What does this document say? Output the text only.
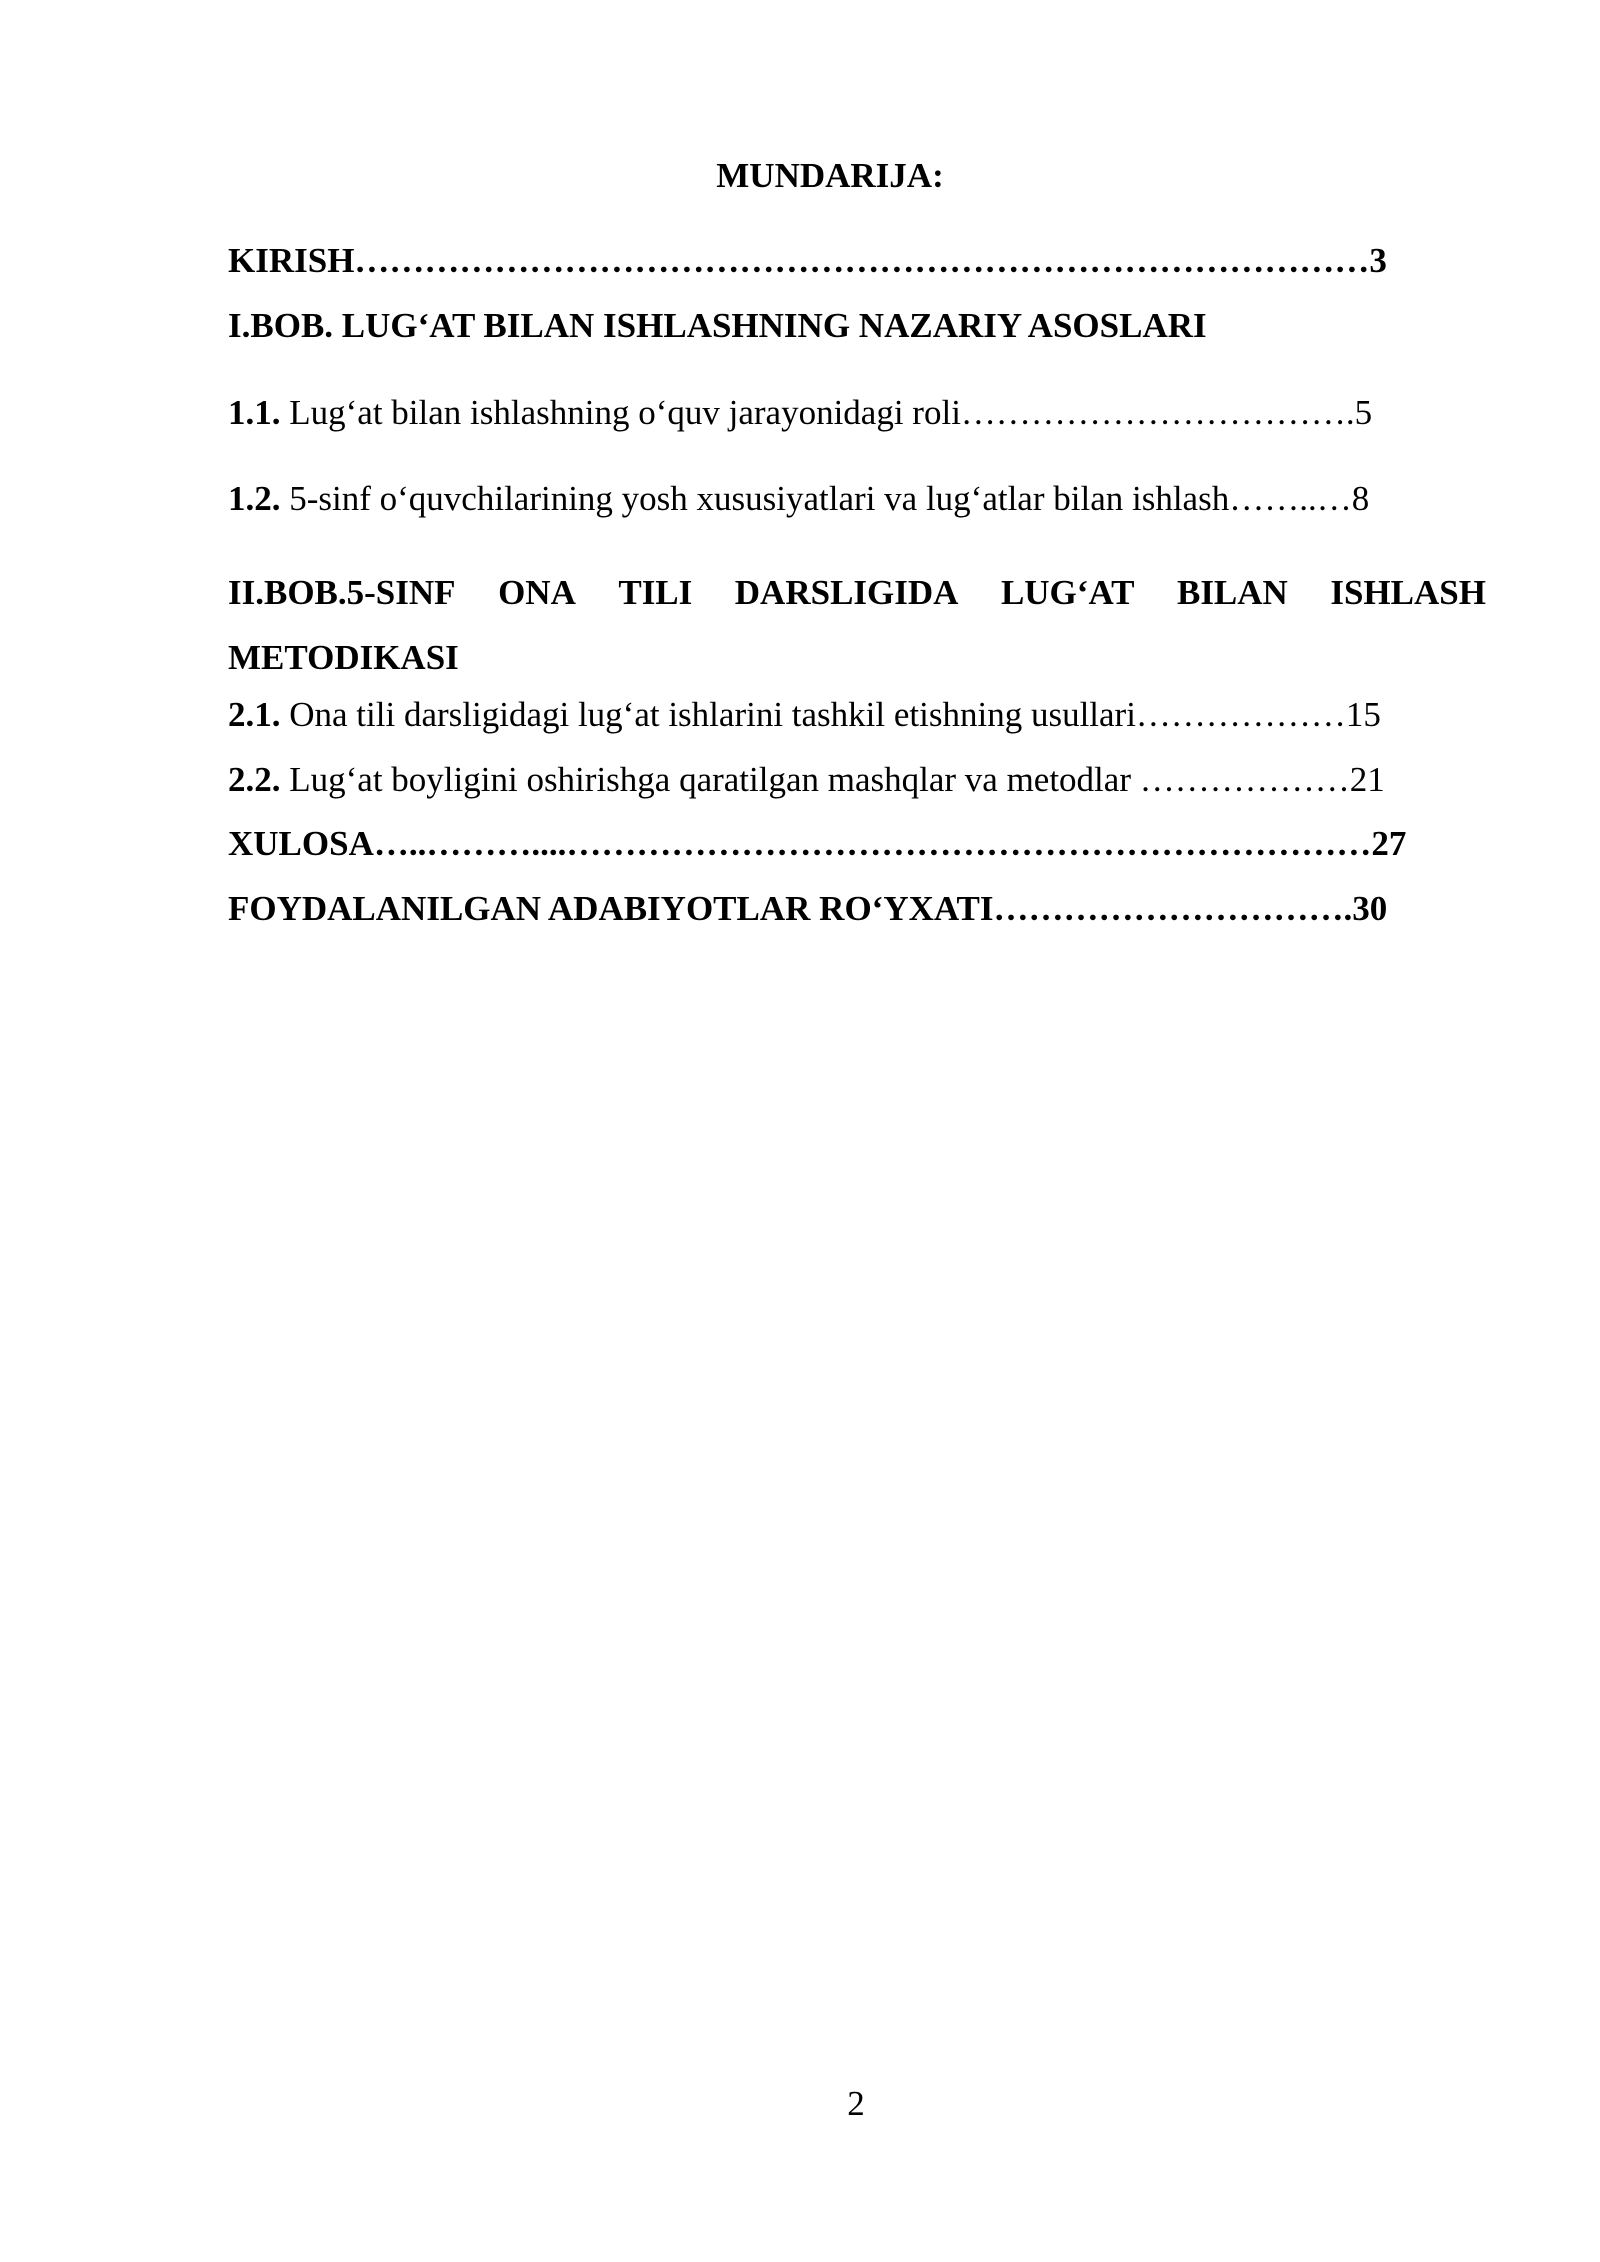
MUNDARIJA:
KIRISH……………………………………………………………………………3
I.BOB. LUG‘AT BILAN ISHLASHNING NAZARIY ASOSLARI
1.1. Lug‘at bilan ishlashning o‘quv jarayonidagi roli…………………………….5
1.2. 5-sinf o‘quvchilarining yosh xususiyatlari va lug‘atlar bilan ishlash……..…8
II.BOB.5-SINF ONA TILI DARSLIGIDA LUG‘AT BILAN ISHLASH
METODIKASI
2.1. Ona tili darsligidagi lug‘at ishlarini tashkil etishning usullari………………15
2.2. Lug‘at boyligini oshirishga qaratilgan mashqlar va metodlar ………………21
XULOSA…..………....……………………………………………………………27
FOYDALANILGAN ADABIYOTLAR RO‘YXATI………………………….30
2
